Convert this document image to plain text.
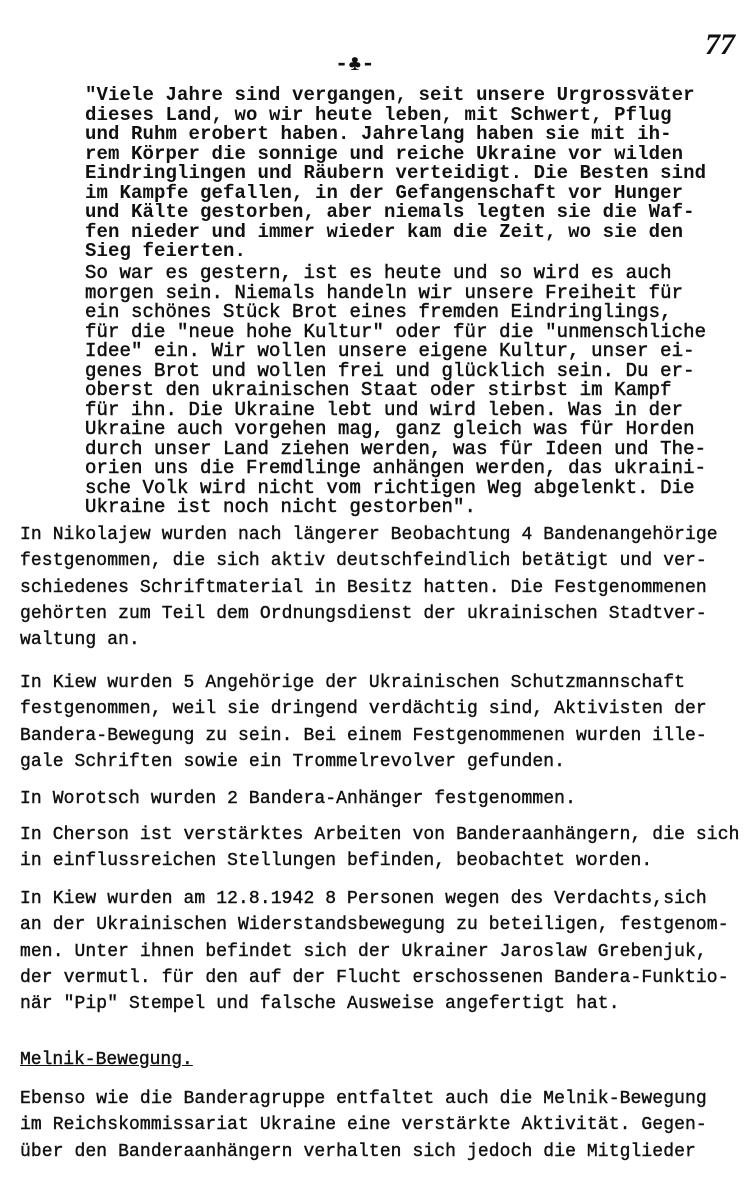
77
-♣-
"Viele Jahre sind vergangen, seit unsere Urgrossväter
dieses Land, wo wir heute leben, mit Schwert, Pflug
und Ruhm erobert haben. Jahrelang haben sie mit ih-
rem Körper die sonnige und reiche Ukraine vor wilden
Eindringlingen und Räubern verteidigt. Die Besten sind
im Kampfe gefallen, in der Gefangenschaft vor Hunger
und Kälte gestorben, aber niemals legten sie die Waf-
fen nieder und immer wieder kam die Zeit, wo sie den
Sieg feierten.
So war es gestern, ist es heute und so wird es auch
morgen sein. Niemals handeln wir unsere Freiheit für
ein schönes Stück Brot eines fremden Eindringlings,
für die "neue hohe Kultur" oder für die "unmenschliche
Idee" ein. Wir wollen unsere eigene Kultur, unser ei-
genes Brot und wollen frei und glücklich sein. Du er-
oberst den ukrainischen Staat oder stirbst im Kampf
für ihn. Die Ukraine lebt und wird leben. Was in der
Ukraine auch vorgehen mag, ganz gleich was für Horden
durch unser Land ziehen werden, was für Ideen und The-
orien uns die Fremdlinge anhängen werden, das ukraini-
sche Volk wird nicht vom richtigen Weg abgelenkt. Die
Ukraine ist noch nicht gestorben".
In Nikolajew wurden nach längerer Beobachtung 4 Bandenangehörige
festgenommen, die sich aktiv deutschfeindlich betätigt und ver-
schiedenes Schriftmaterial in Besitz hatten. Die Festgenommenen
gehörten zum Teil dem Ordnungsdienst der ukrainischen Stadtver-
waltung an.
In Kiew wurden 5 Angehörige der Ukrainischen Schutzmannschaft
festgenommen, weil sie dringend verdächtig sind, Aktivisten der
Bandera-Bewegung zu sein. Bei einem Festgenommenen wurden ille-
gale Schriften sowie ein Trommelrevolver gefunden.
In Worotsch wurden 2 Bandera-Anhänger festgenommen.
In Cherson ist verstärktes Arbeiten von Banderaanhängern, die sich
in einflussreichen Stellungen befinden, beobachtet worden.
In Kiew wurden am 12.8.1942 8 Personen wegen des Verdachts,sich
an der Ukrainischen Widerstandsbewegung zu beteiligen, festgenom-
men. Unter ihnen befindet sich der Ukrainer Jaroslaw Grebenjuk,
der vermutl. für den auf der Flucht erschossenen Bandera-Funktio-
när "Pip" Stempel und falsche Ausweise angefertigt hat.
Melnik-Bewegung.
Ebenso wie die Banderagruppe entfaltet auch die Melnik-Bewegung
im Reichskommissariat Ukraine eine verstärkte Aktivität. Gegen-
über den Banderaanhängern verhalten sich jedoch die Mitglieder
